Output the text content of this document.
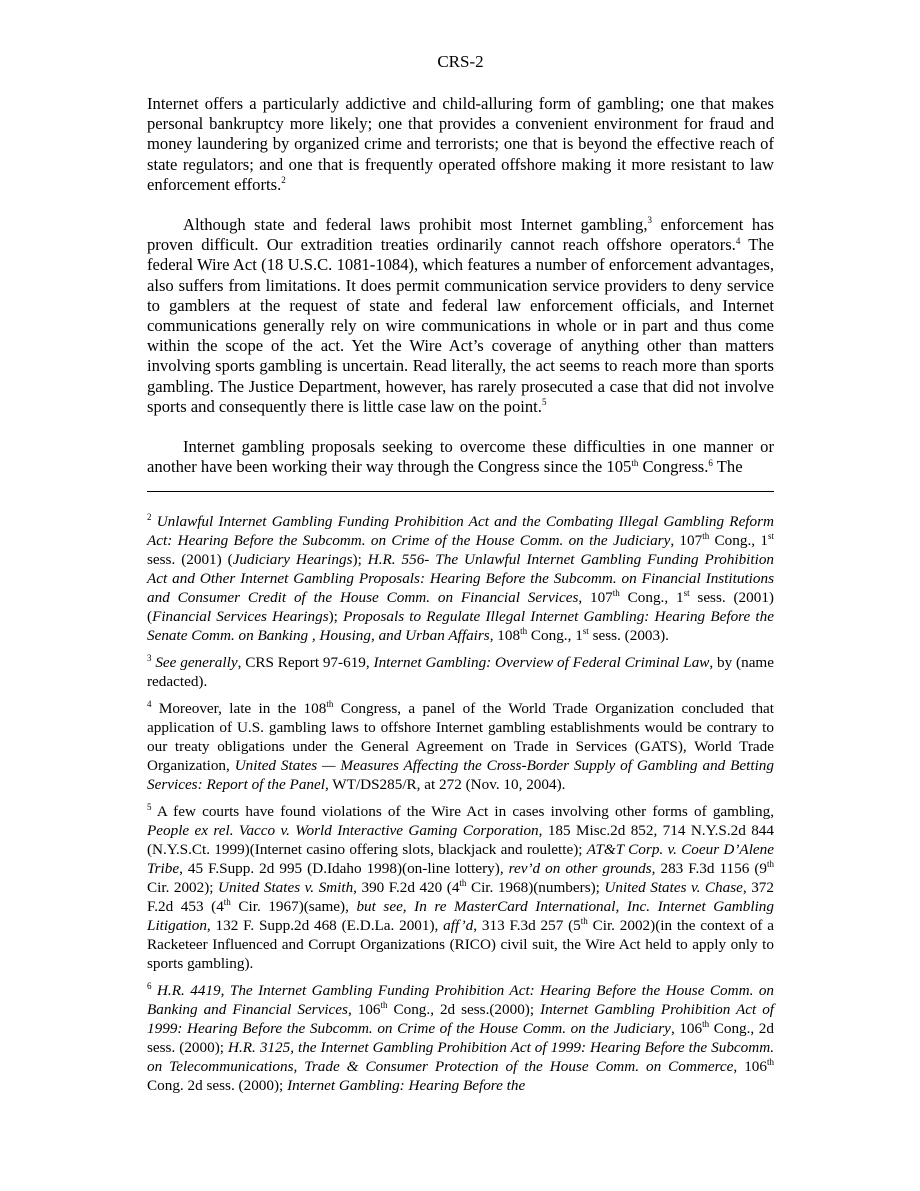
CRS-2

Internet offers a particularly addictive and child-alluring form of gambling; one that makes personal bankruptcy more likely; one that provides a convenient environment for fraud and money laundering by organized crime and terrorists; one that is beyond the effective reach of state regulators; and one that is frequently operated offshore making it more resistant to law enforcement efforts.$^2$

Although state and federal laws prohibit most Internet gambling,$^3$ enforcement has proven difficult. Our extradition treaties ordinarily cannot reach offshore operators.$^4$ The federal Wire Act (18 U.S.C. 1081-1084), which features a number of enforcement advantages, also suffers from limitations. It does permit communication service providers to deny service to gamblers at the request of state and federal law enforcement officials, and Internet communications generally rely on wire communications in whole or in part and thus come within the scope of the act. Yet the Wire Act’s coverage of anything other than matters involving sports gambling is uncertain. Read literally, the act seems to reach more than sports gambling. The Justice Department, however, has rarely prosecuted a case that did not involve sports and consequently there is little case law on the point.$^5$

Internet gambling proposals seeking to overcome these difficulties in one manner or another have been working their way through the Congress since the 105th Congress.$^6$ The

$^2$ Unlawful Internet Gambling Funding Prohibition Act and the Combating Illegal Gambling Reform Act: Hearing Before the Subcomm. on Crime of the House Comm. on the Judiciary, 107th Cong., 1st sess. (2001) (Judiciary Hearings); H.R. 556- The Unlawful Internet Gambling Funding Prohibition Act and Other Internet Gambling Proposals: Hearing Before the Subcomm. on Financial Institutions and Consumer Credit of the House Comm. on Financial Services, 107th Cong., 1st sess. (2001) (Financial Services Hearings); Proposals to Regulate Illegal Internet Gambling: Hearing Before the Senate Comm. on Banking , Housing, and Urban Affairs, 108th Cong., 1st sess. (2003).

$^3$ See generally, CRS Report 97-619, Internet Gambling: Overview of Federal Criminal Law, by (name redacted).

$^4$ Moreover, late in the 108th Congress, a panel of the World Trade Organization concluded that application of U.S. gambling laws to offshore Internet gambling establishments would be contrary to our treaty obligations under the General Agreement on Trade in Services (GATS), World Trade Organization, United States — Measures Affecting the Cross-Border Supply of Gambling and Betting Services: Report of the Panel, WT/DS285/R, at 272 (Nov. 10, 2004).

$^5$ A few courts have found violations of the Wire Act in cases involving other forms of gambling, People ex rel. Vacco v. World Interactive Gaming Corporation, 185 Misc.2d 852, 714 N.Y.S.2d 844 (N.Y.S.Ct. 1999)(Internet casino offering slots, blackjack and roulette); AT&T Corp. v. Coeur D’Alene Tribe, 45 F.Supp. 2d 995 (D.Idaho 1998)(on-line lottery), rev’d on other grounds, 283 F.3d 1156 (9th Cir. 2002); United States v. Smith, 390 F.2d 420 (4th Cir. 1968)(numbers); United States v. Chase, 372 F.2d 453 (4th Cir. 1967)(same), but see, In re MasterCard International, Inc. Internet Gambling Litigation, 132 F. Supp.2d 468 (E.D.La. 2001), aff’d, 313 F.3d 257 (5th Cir. 2002)(in the context of a Racketeer Influenced and Corrupt Organizations (RICO) civil suit, the Wire Act held to apply only to sports gambling).

$^6$ H.R. 4419, The Internet Gambling Funding Prohibition Act: Hearing Before the House Comm. on Banking and Financial Services, 106th Cong., 2d sess.(2000); Internet Gambling Prohibition Act of 1999: Hearing Before the Subcomm. on Crime of the House Comm. on the Judiciary, 106th Cong., 2d sess. (2000); H.R. 3125, the Internet Gambling Prohibition Act of 1999: Hearing Before the Subcomm. on Telecommunications, Trade & Consumer Protection of the House Comm. on Commerce, 106th Cong. 2d sess. (2000); Internet Gambling: Hearing Before the
